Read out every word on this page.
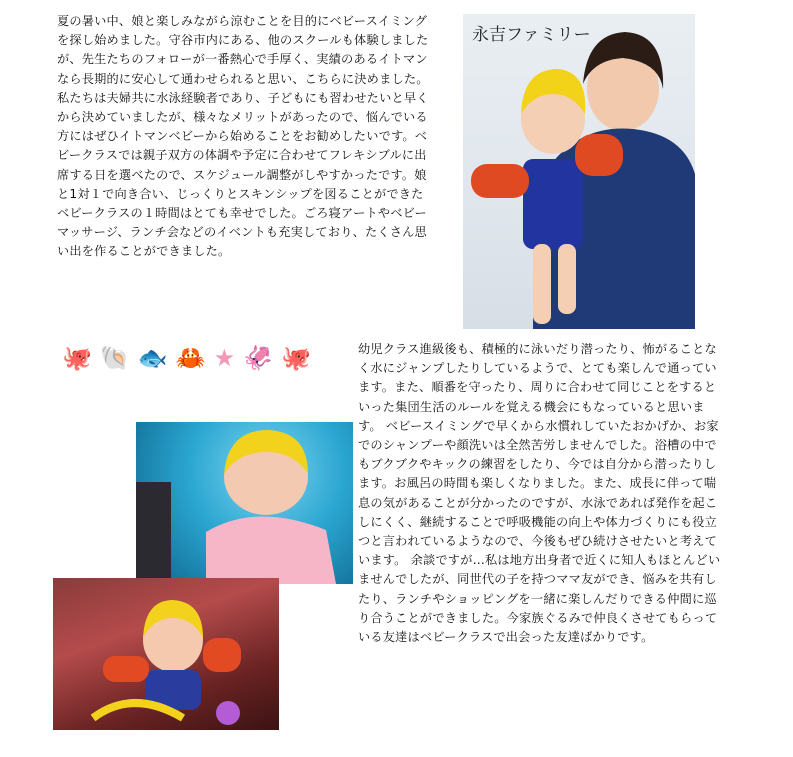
夏の暑い中、娘と楽しみながら涼むことを目的にベビースイミングを探し始めました。守谷市内にある、他のスクールも体験しましたが、先生たちのフォローが一番熱心で手厚く、実績のあるイトマンなら長期的に安心して通わせられると思い、こちらに決めました。私たちは夫婦共に水泳経験者であり、子どもにも習わせたいと早くから決めていましたが、様々なメリットがあったので、悩んでいる方にはぜひイトマンベビーから始めることをお勧めしたいです。ベビークラスでは親子双方の体調や予定に合わせてフレキシブルに出席する日を選べたので、スケジュール調整がしやすかったです。娘と1対１で向き合い、じっくりとスキンシップを図ることができたベビークラスの１時間はとても幸せでした。ごろ寝アートやベビーマッサージ、ランチ会などのイベントも充実しており、たくさん思い出を作ることができました。

永吉ファミリー
🐙 🐚 🐟 🦀 ★ 🦑 🐙	幼児クラス進級後も、積極的に泳いだり潜ったり、怖がることなく水にジャンプしたりしているようで、とても楽しんで通っています。また、順番を守ったり、周りに合わせて同じことをするといった集団生活のルールを覚える機会にもなっていると思います。 ベビースイミングで早くから水慣れしていたおかげか、お家でのシャンプーや顔洗いは全然苦労しませんでした。浴槽の中でもブクブクやキックの練習をしたり、今では自分から潜ったりします。お風呂の時間も楽しくなりました。また、成長に伴って喘息の気があることが分かったのですが、水泳であれば発作を起こしにくく、継続することで呼吸機能の向上や体力づくりにも役立つと言われているようなので、今後もぜひ続けさせたいと考えています。 余談ですが…私は地方出身者で近くに知人もほとんどいませんでしたが、同世代の子を持つママ友ができ、悩みを共有したり、ランチやショッピングを一緒に楽しんだりできる仲間に巡り合うことができました。今家族ぐるみで仲良くさせてもらっている友達はベビークラスで出会った友達ばかりです。
